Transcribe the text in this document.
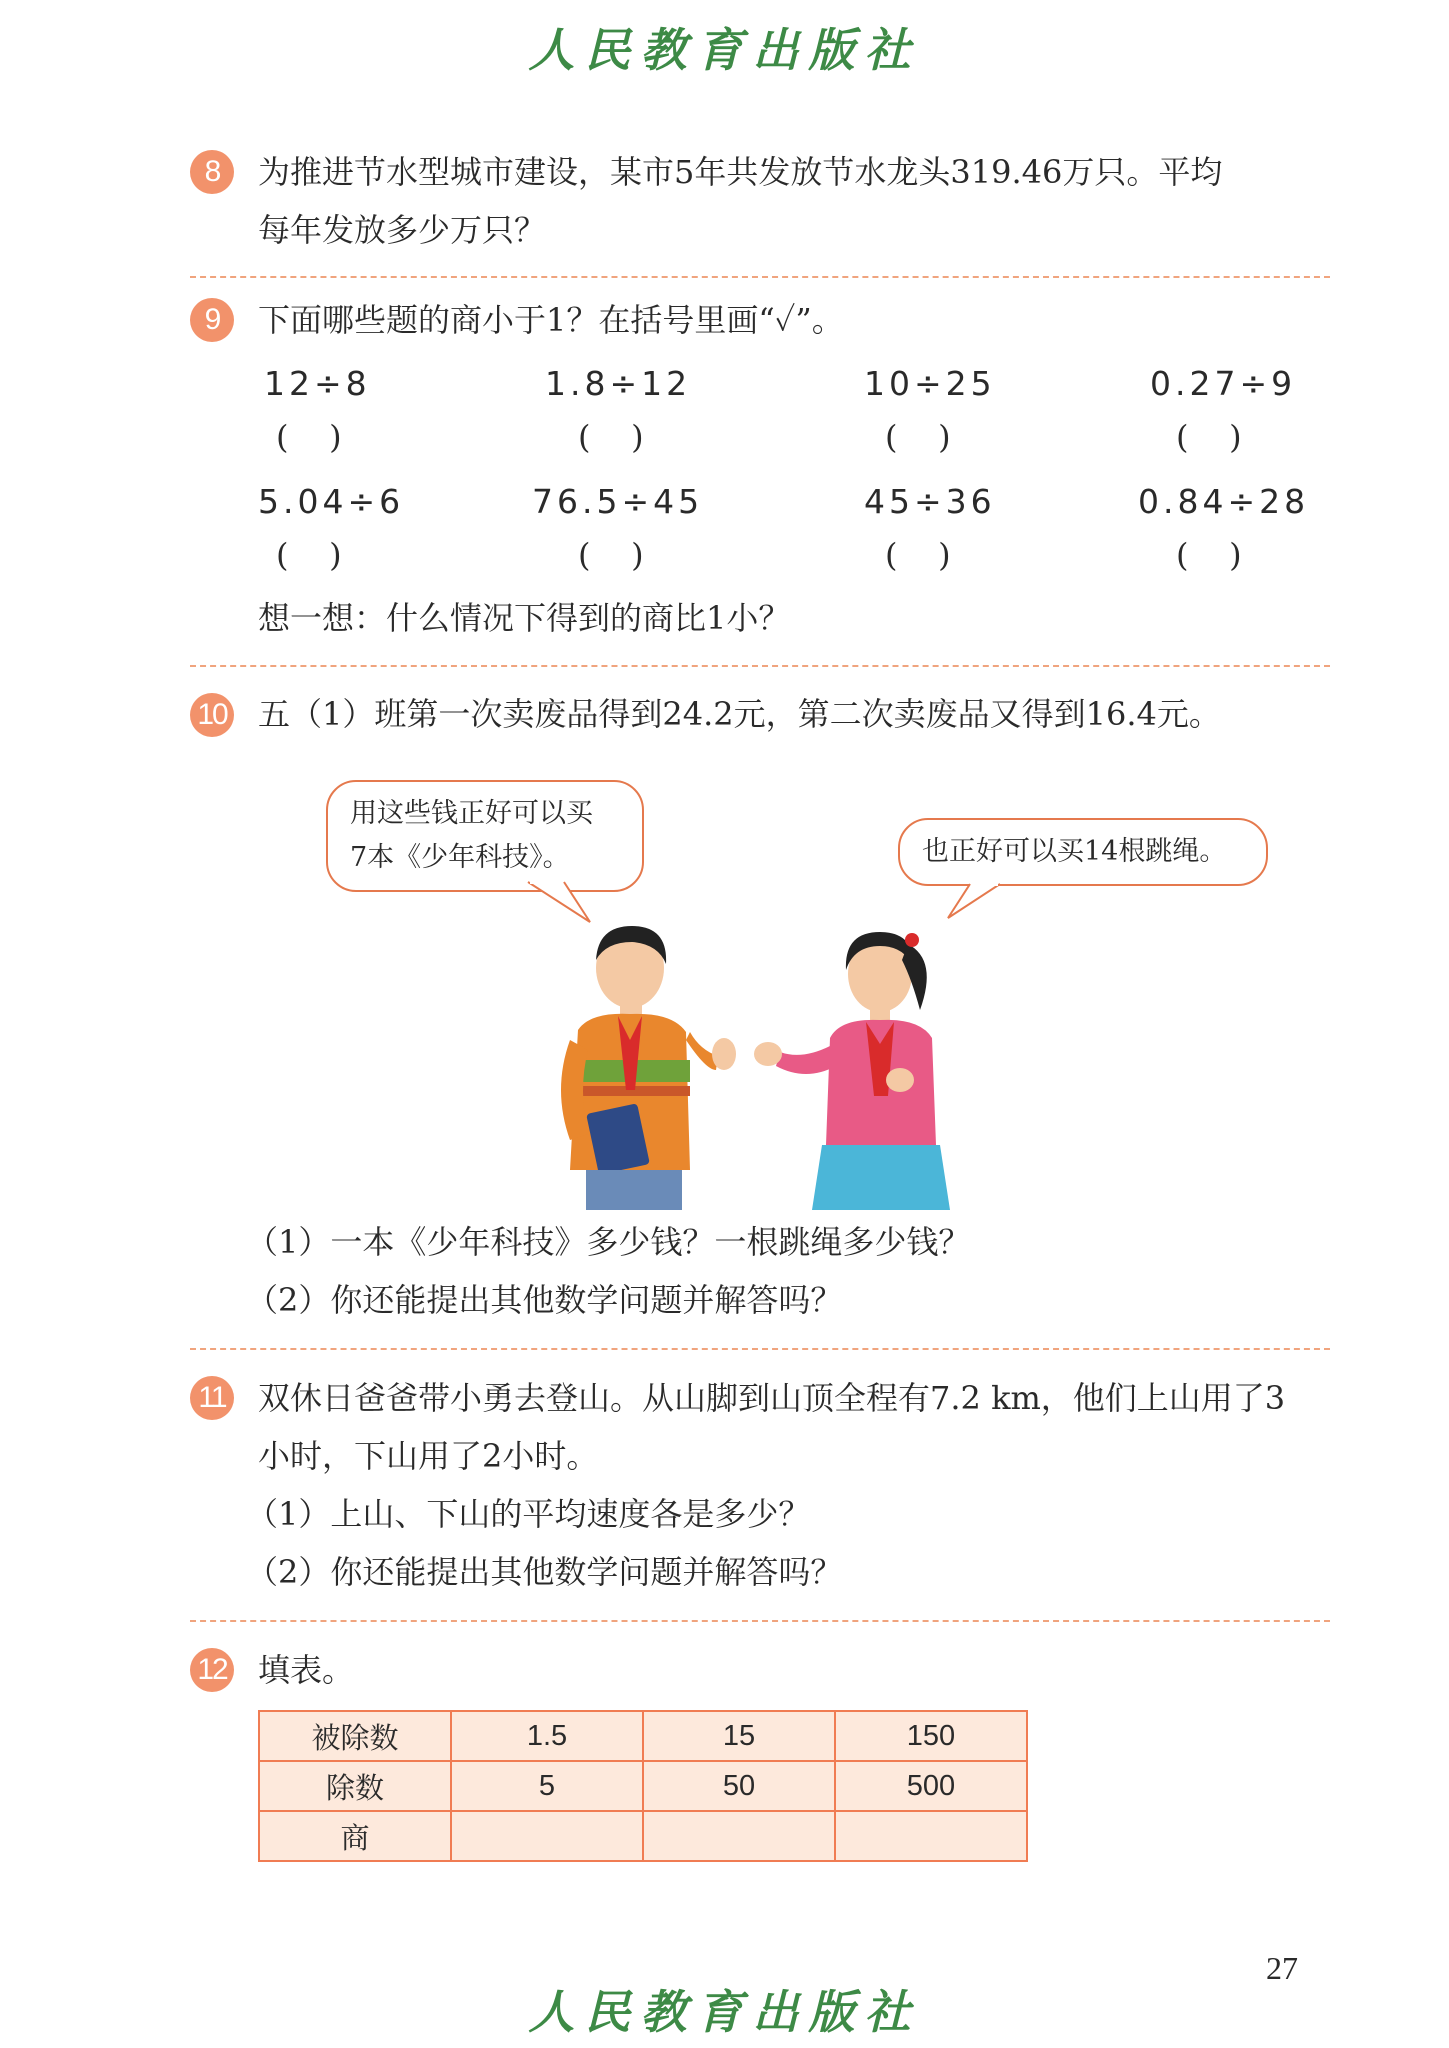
人民教育出版社
8	为推进节水型城市建设，某市5年共发放节水龙头319.46万只。平均
每年发放多少万只？
9	下面哪些题的商小于1？在括号里画“✓”。
12÷8	1.8÷12	10÷25	0.27÷9
(    )	(    )	(    )	(    )
5.04÷6	76.5÷45	45÷36	0.84÷28
(    )	(    )	(    )	(    )
想一想：什么情况下得到的商比1小？
10 五（1）班第一次卖废品得到24.2元，第二次卖废品又得到16.4元。
用这些钱正好可以买
7本《少年科技》。	也正好可以买14根跳绳。
（1）一本《少年科技》多少钱？一根跳绳多少钱？
（2）你还能提出其他数学问题并解答吗？
11 双休日爸爸带小勇去登山。从山脚到山顶全程有7.2 km，他们上山用了3
小时，下山用了2小时。
（1）上山、下山的平均速度各是多少？
（2）你还能提出其他数学问题并解答吗？
12 填表。
被除数	1.5	15	150
除数	5	50	500
商			
27
人民教育出版社
